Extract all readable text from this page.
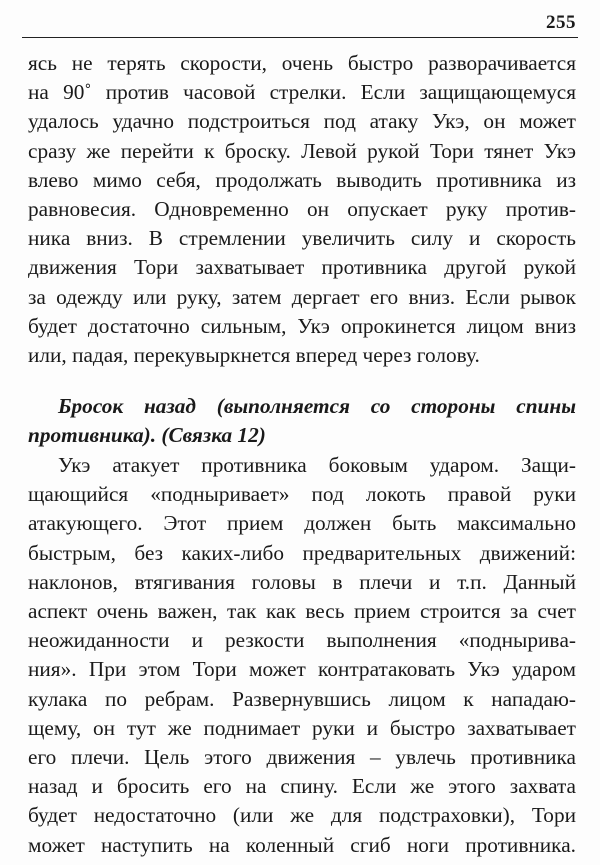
255
ясь не терять скорости, очень быстро разворачивается
на 90˚ против часовой стрелки. Если защищающемуся
удалось удачно подстроиться под атаку Укэ, он может
сразу же перейти к броску. Левой рукой Тори тянет Укэ
влево мимо себя, продолжать выводить противника из
равновесия. Одновременно он опускает руку против-
ника вниз. В стремлении увеличить силу и скорость
движения Тори захватывает противника другой рукой
за одежду или руку, затем дергает его вниз. Если рывок
будет достаточно сильным, Укэ опрокинется лицом вниз
или, падая, перекувыркнется вперед через голову.
Бросок назад (выполняется со стороны спины
противника). (Связка 12)
Укэ атакует противника боковым ударом. Защи-
щающийся «подныривает» под локоть правой руки
атакующего. Этот прием должен быть максимально
быстрым, без каких-либо предварительных движений:
наклонов, втягивания головы в плечи и т.п. Данный
аспект очень важен, так как весь прием строится за счет
неожиданности и резкости выполнения «подныривa-
ния». При этом Тори может контратаковать Укэ ударом
кулака по ребрам. Развернувшись лицом к нападаю-
щему, он тут же поднимает руки и быстро захватывает
его плечи. Цель этого движения – увлечь противника
назад и бросить его на спину. Если же этого захвата
будет недостаточно (или же для подстраховки), Тори
может наступить на коленный сгиб ноги противника.
